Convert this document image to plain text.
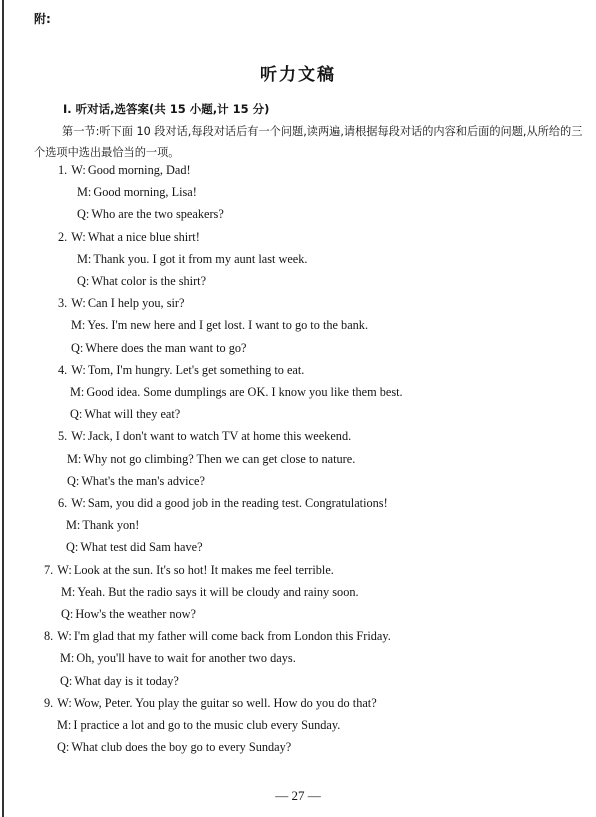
附:
听力文稿
I. 听对话,选答案(共 15 小题,计 15 分)
第一节:听下面 10 段对话,每段对话后有一个问题,读两遍,请根据每段对话的内容和后面的问题,从所给的三个选项中选出最恰当的一项。
1. W: Good morning, Dad!
M: Good morning, Lisa!
Q: Who are the two speakers?
2. W: What a nice blue shirt!
M: Thank you. I got it from my aunt last week.
Q: What color is the shirt?
3. W: Can I help you, sir?
M: Yes. I'm new here and I get lost. I want to go to the bank.
Q: Where does the man want to go?
4. W: Tom, I'm hungry. Let's get something to eat.
M: Good idea. Some dumplings are OK. I know you like them best.
Q: What will they eat?
5. W: Jack, I don't want to watch TV at home this weekend.
M: Why not go climbing? Then we can get close to nature.
Q: What's the man's advice?
6. W: Sam, you did a good job in the reading test. Congratulations!
M: Thank yon!
Q: What test did Sam have?
7. W: Look at the sun. It's so hot! It makes me feel terrible.
M: Yeah. But the radio says it will be cloudy and rainy soon.
Q: How's the weather now?
8. W: I'm glad that my father will come back from London this Friday.
M: Oh, you'll have to wait for another two days.
Q: What day is it today?
9. W: Wow, Peter. You play the guitar so well. How do you do that?
M: I practice a lot and go to the music club every Sunday.
Q: What club does the boy go to every Sunday?
— 27 —
